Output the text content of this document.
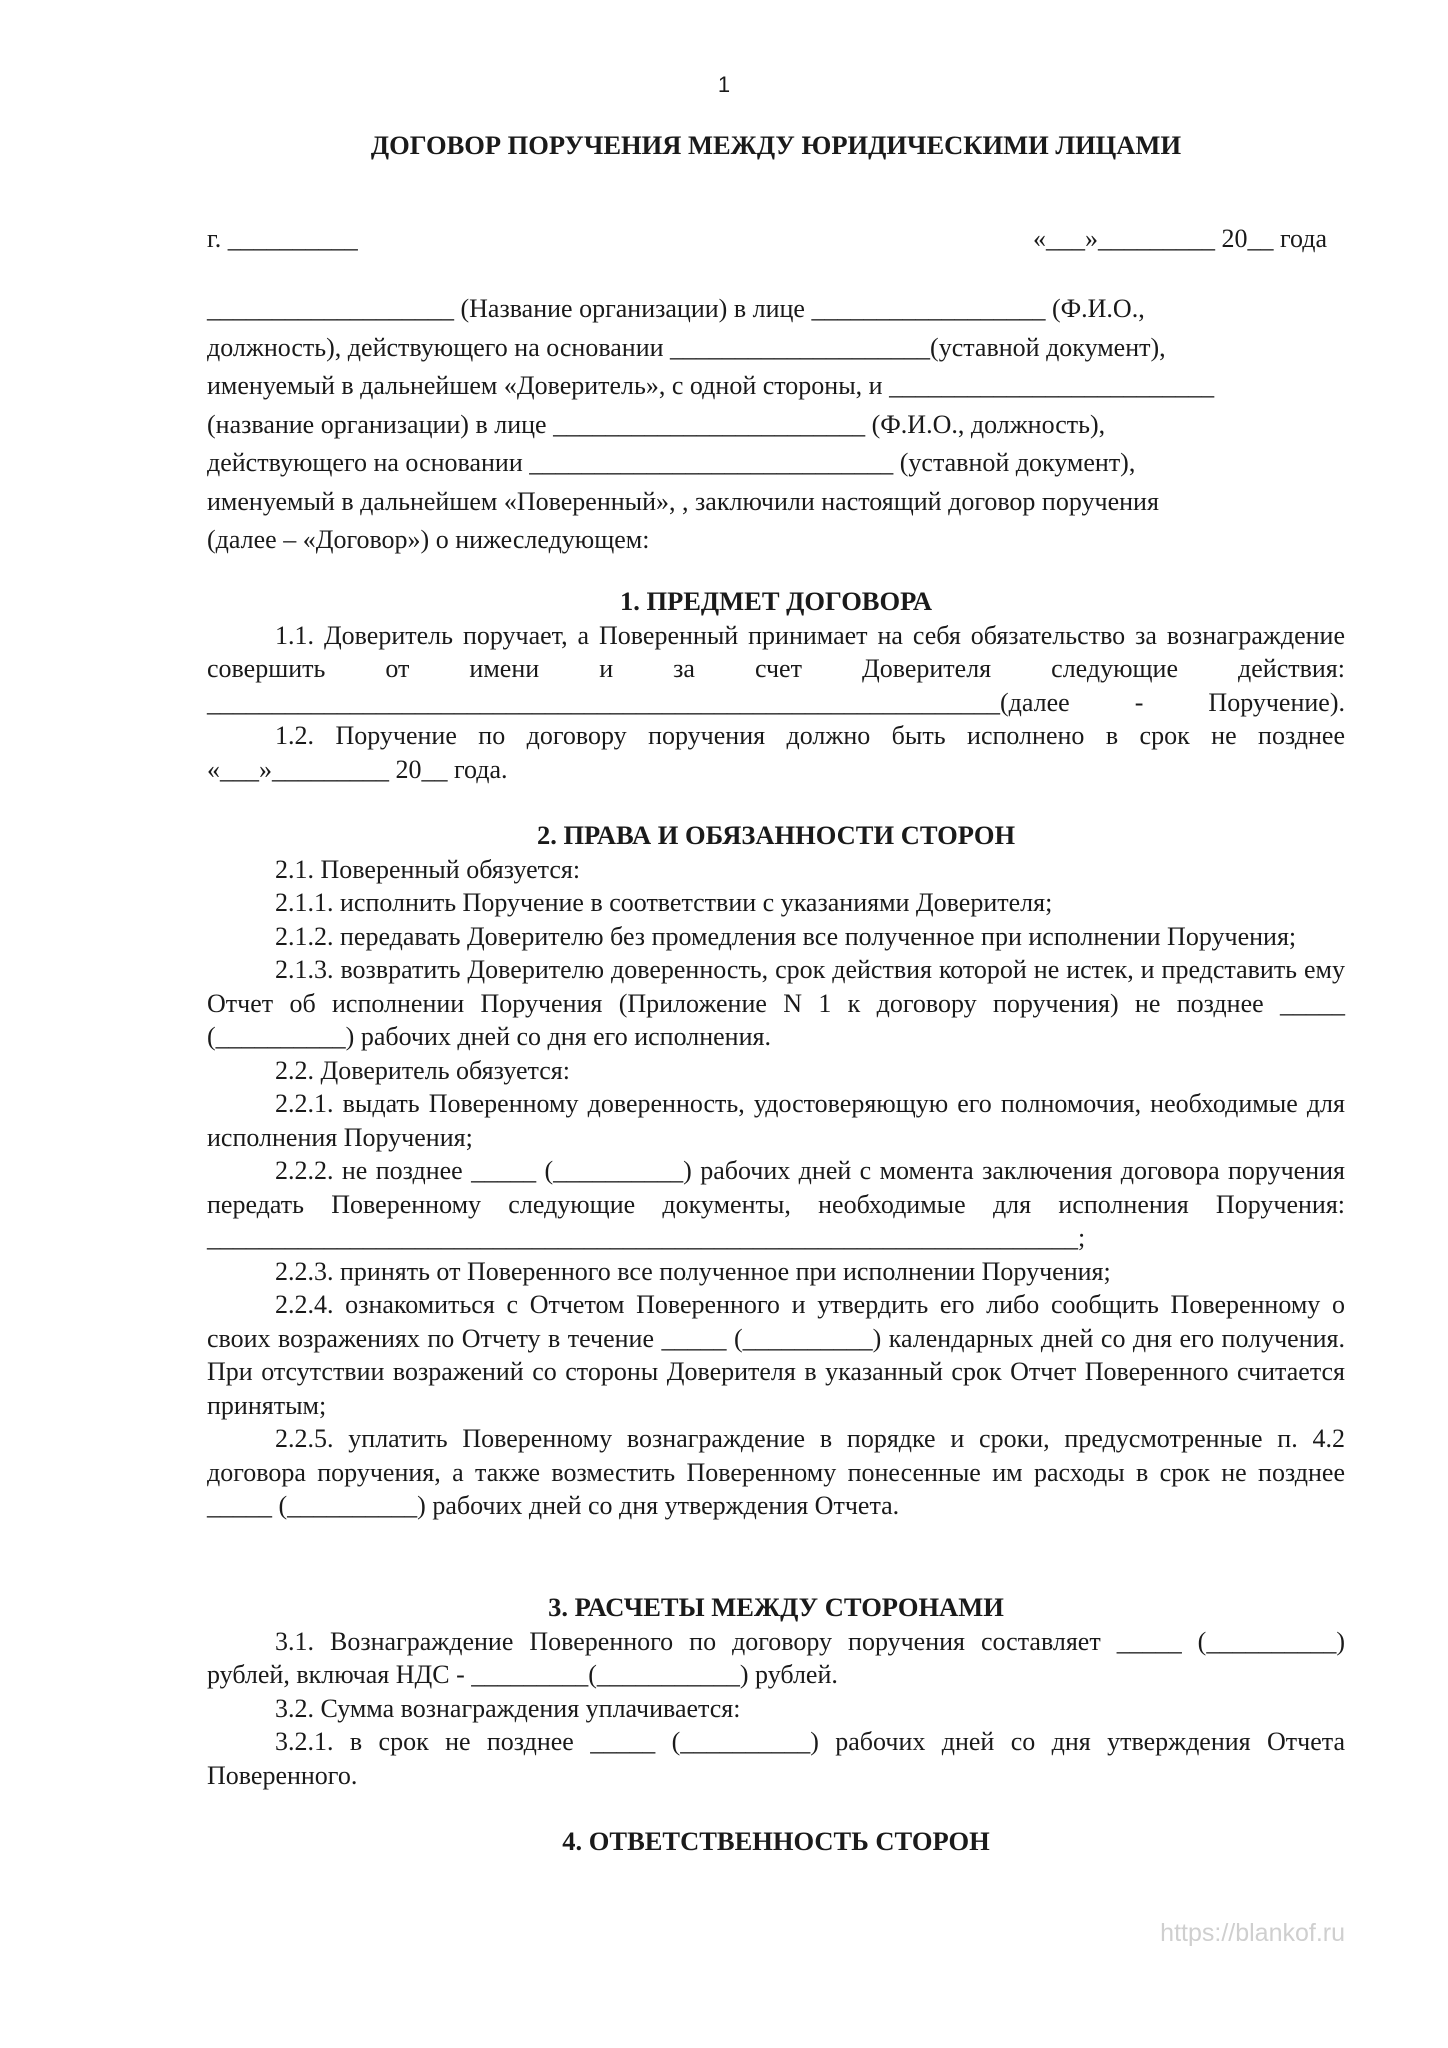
1
ДОГОВОР ПОРУЧЕНИЯ МЕЖДУ ЮРИДИЧЕСКИМИ ЛИЦАМИ
г. __________	«___»_________ 20__ года

___________________ (Название организации) в лице __________________ (Ф.И.О.,

должность), действующего на основании ____________________(уставной документ),

именуемый в дальнейшем «Доверитель», с одной стороны, и _________________________

(название организации) в лице ________________________ (Ф.И.О., должность),

действующего на основании ____________________________ (уставной документ),

именуемый в дальнейшем «Поверенный», , заключили настоящий договор поручения

(далее – «Договор») о нижеследующем:

1. ПРЕДМЕТ ДОГОВОРА

1.1. Доверитель поручает, а Поверенный принимает на себя обязательство за вознаграждение совершить от имени и за счет Доверителя следующие действия: _____________________________________________________________(далее - Поручение).

1.2. Поручение по договору поручения должно быть исполнено в срок не позднее «___»_________ 20__ года.

2. ПРАВА И ОБЯЗАННОСТИ СТОРОН

2.1. Поверенный обязуется:

2.1.1. исполнить Поручение в соответствии с указаниями Доверителя;

2.1.2. передавать Доверителю без промедления все полученное при исполнении Поручения;

2.1.3. возвратить Доверителю доверенность, срок действия которой не истек, и представить ему Отчет об исполнении Поручения (Приложение N 1 к договору поручения) не позднее _____ (__________) рабочих дней со дня его исполнения.

2.2. Доверитель обязуется:

2.2.1. выдать Поверенному доверенность, удостоверяющую его полномочия, необходимые для исполнения Поручения;

2.2.2. не позднее _____ (__________) рабочих дней с момента заключения договора поручения передать Поверенному следующие документы, необходимые для исполнения Поручения: ___________________________________________________________________;

2.2.3. принять от Поверенного все полученное при исполнении Поручения;

2.2.4. ознакомиться с Отчетом Поверенного и утвердить его либо сообщить Поверенному о своих возражениях по Отчету в течение _____ (__________) календарных дней со дня его получения. При отсутствии возражений со стороны Доверителя в указанный срок Отчет Поверенного считается принятым;

2.2.5. уплатить Поверенному вознаграждение в порядке и сроки, предусмотренные п. 4.2 договора поручения, а также возместить Поверенному понесенные им расходы в срок не позднее _____ (__________) рабочих дней со дня утверждения Отчета.

3. РАСЧЕТЫ МЕЖДУ СТОРОНАМИ

3.1. Вознаграждение Поверенного по договору поручения составляет _____ (__________) рублей, включая НДС - _________(___________) рублей.

3.2. Сумма вознаграждения уплачивается:

3.2.1. в срок не позднее _____ (__________) рабочих дней со дня утверждения Отчета Поверенного.

4. ОТВЕТСТВЕННОСТЬ СТОРОН
https://blankof.ru
